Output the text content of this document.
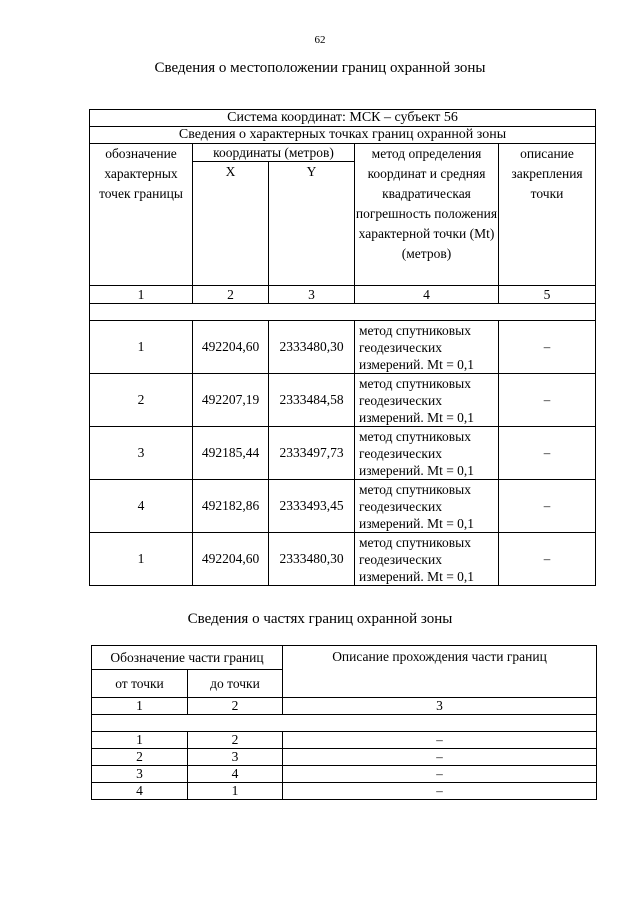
62
Сведения о местоположении границ охранной зоны
Система координат: МСК – субъект 56				
Сведения о характерных точках границ охранной зоны				
обозначение характерных точек границы	координаты (метров)		метод определения координат и средняя квадратическая погрешность положения характерной точки (Mt) (метров)	описание закрепления точки
	X	Y		
1	2	3	4	5

1	492204,60	2333480,30	метод спутниковых геодезических измерений. Mt = 0,1	–
2	492207,19	2333484,58	метод спутниковых геодезических измерений. Mt = 0,1	–
3	492185,44	2333497,73	метод спутниковых геодезических измерений. Mt = 0,1	–
4	492182,86	2333493,45	метод спутниковых геодезических измерений. Mt = 0,1	–
1	492204,60	2333480,30	метод спутниковых геодезических измерений. Mt = 0,1	–
Сведения о частях границ охранной зоны
Обозначение части границ		Описание прохождения части границ
от точки	до точки	
1	2	3

1	2	–
2	3	–
3	4	–
4	1	–
